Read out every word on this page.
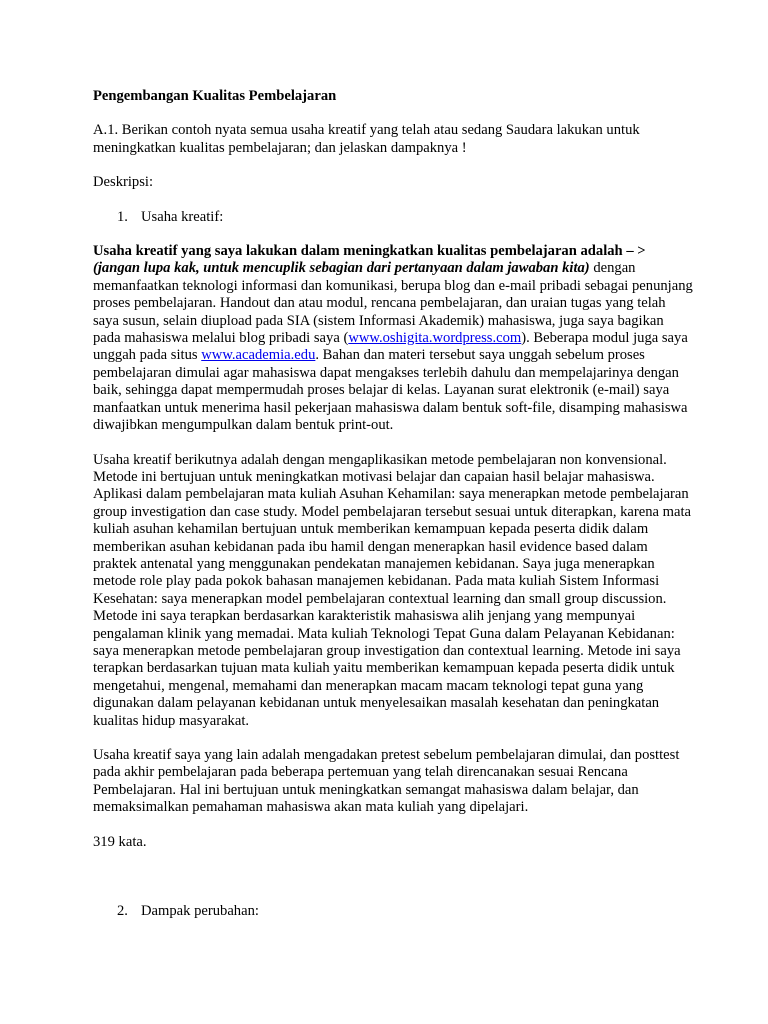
Pengembangan Kualitas Pembelajaran

A.1. Berikan contoh nyata semua usaha kreatif yang telah atau sedang Saudara lakukan untuk meningkatkan kualitas pembelajaran; dan jelaskan dampaknya !

Deskripsi:

1. Usaha kreatif:

Usaha kreatif yang saya lakukan dalam meningkatkan kualitas pembelajaran adalah – > (jangan lupa kak, untuk mencuplik sebagian dari pertanyaan dalam jawaban kita) dengan memanfaatkan teknologi informasi dan komunikasi, berupa blog dan e-mail pribadi sebagai penunjang proses pembelajaran. Handout dan atau modul, rencana pembelajaran, dan uraian tugas yang telah saya susun, selain diupload pada SIA (sistem Informasi Akademik) mahasiswa, juga saya bagikan pada mahasiswa melalui blog pribadi saya (www.oshigita.wordpress.com). Beberapa modul juga saya unggah pada situs www.academia.edu. Bahan dan materi tersebut saya unggah sebelum proses pembelajaran dimulai agar mahasiswa dapat mengakses terlebih dahulu dan mempelajarinya dengan baik, sehingga dapat mempermudah proses belajar di kelas. Layanan surat elektronik (e-mail) saya manfaatkan untuk menerima hasil pekerjaan mahasiswa dalam bentuk soft-file, disamping mahasiswa diwajibkan mengumpulkan dalam bentuk print-out.

Usaha kreatif berikutnya adalah dengan mengaplikasikan metode pembelajaran non konvensional. Metode ini bertujuan untuk meningkatkan motivasi belajar dan capaian hasil belajar mahasiswa. Aplikasi dalam pembelajaran mata kuliah Asuhan Kehamilan: saya menerapkan metode pembelajaran group investigation dan case study. Model pembelajaran tersebut sesuai untuk diterapkan, karena mata kuliah asuhan kehamilan bertujuan untuk memberikan kemampuan kepada peserta didik dalam memberikan asuhan kebidanan pada ibu hamil dengan menerapkan hasil evidence based dalam praktek antenatal yang menggunakan pendekatan manajemen kebidanan. Saya juga menerapkan metode role play pada pokok bahasan manajemen kebidanan. Pada mata kuliah Sistem Informasi Kesehatan: saya menerapkan model pembelajaran contextual learning dan small group discussion. Metode ini saya terapkan berdasarkan karakteristik mahasiswa alih jenjang yang mempunyai pengalaman klinik yang memadai. Mata kuliah Teknologi Tepat Guna dalam Pelayanan Kebidanan: saya menerapkan metode pembelajaran group investigation dan contextual learning. Metode ini saya terapkan berdasarkan tujuan mata kuliah yaitu memberikan kemampuan kepada peserta didik untuk mengetahui, mengenal, memahami dan menerapkan macam macam teknologi tepat guna yang digunakan dalam pelayanan kebidanan untuk menyelesaikan masalah kesehatan dan peningkatan kualitas hidup masyarakat.

Usaha kreatif saya yang lain adalah mengadakan pretest sebelum pembelajaran dimulai, dan posttest pada akhir pembelajaran pada beberapa pertemuan yang telah direncanakan sesuai Rencana Pembelajaran. Hal ini bertujuan untuk meningkatkan semangat mahasiswa dalam belajar, dan memaksimalkan pemahaman mahasiswa akan mata kuliah yang dipelajari.

319 kata.

2. Dampak perubahan:
